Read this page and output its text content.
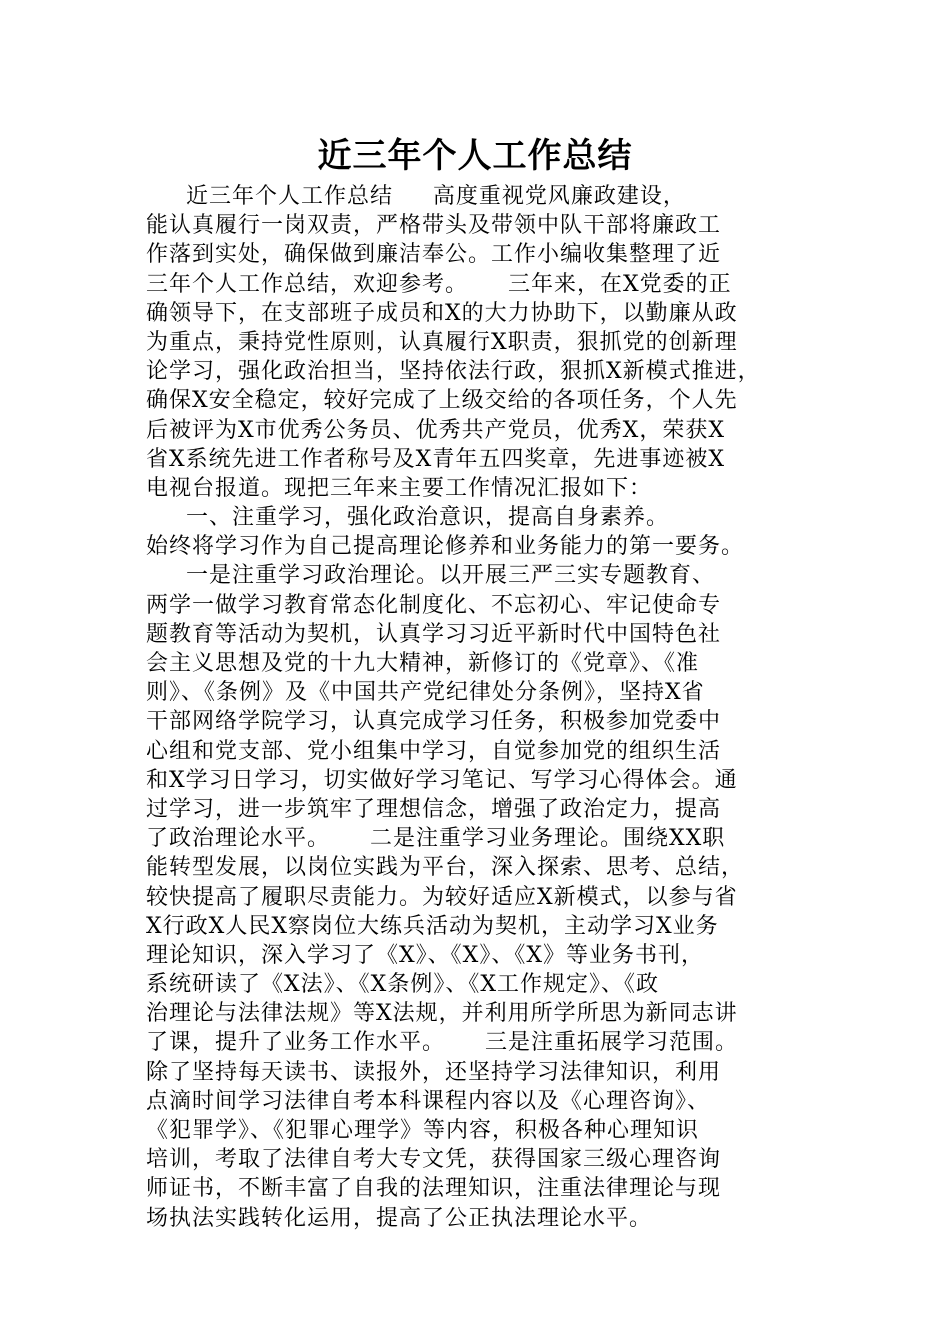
近三年个人工作总结
近三年个人工作总结     高度重视党风廉政建设，
能认真履行一岗双责，严格带头及带领中队干部将廉政工
作落到实处，确保做到廉洁奉公。工作小编收集整理了近
三年个人工作总结，欢迎参考。     三年来，在X党委的正
确领导下，在支部班子成员和X的大力协助下，以勤廉从政
为重点，秉持党性原则，认真履行X职责，狠抓党的创新理
论学习，强化政治担当，坚持依法行政，狠抓X新模式推进，
确保X安全稳定，较好完成了上级交给的各项任务，个人先
后被评为X市优秀公务员、优秀共产党员，优秀X，荣获X
省X系统先进工作者称号及X青年五四奖章，先进事迹被X
电视台报道。现把三年来主要工作情况汇报如下：
一、注重学习，强化政治意识，提高自身素养。
始终将学习作为自己提高理论修养和业务能力的第一要务。
一是注重学习政治理论。以开展三严三实专题教育、
两学一做学习教育常态化制度化、不忘初心、牢记使命专
题教育等活动为契机，认真学习习近平新时代中国特色社
会主义思想及党的十九大精神，新修订的《党章》、《准
则》、《条例》及《中国共产党纪律处分条例》，坚持X省
干部网络学院学习，认真完成学习任务，积极参加党委中
心组和党支部、党小组集中学习，自觉参加党的组织生活
和X学习日学习，切实做好学习笔记、写学习心得体会。通
过学习，进一步筑牢了理想信念，增强了政治定力，提高
了政治理论水平。     二是注重学习业务理论。围绕XX职
能转型发展，以岗位实践为平台，深入探索、思考、总结，
较快提高了履职尽责能力。为较好适应X新模式，以参与省
X行政X人民X察岗位大练兵活动为契机，主动学习X业务
理论知识，深入学习了《X》、《X》、《X》等业务书刊，
系统研读了《X法》、《X条例》、《X工作规定》、《政
治理论与法律法规》等X法规，并利用所学所思为新同志讲
了课，提升了业务工作水平。     三是注重拓展学习范围。
除了坚持每天读书、读报外，还坚持学习法律知识，利用
点滴时间学习法律自考本科课程内容以及《心理咨询》、
《犯罪学》、《犯罪心理学》等内容，积极各种心理知识
培训，考取了法律自考大专文凭，获得国家三级心理咨询
师证书，不断丰富了自我的法理知识，注重法律理论与现
场执法实践转化运用，提高了公正执法理论水平。
